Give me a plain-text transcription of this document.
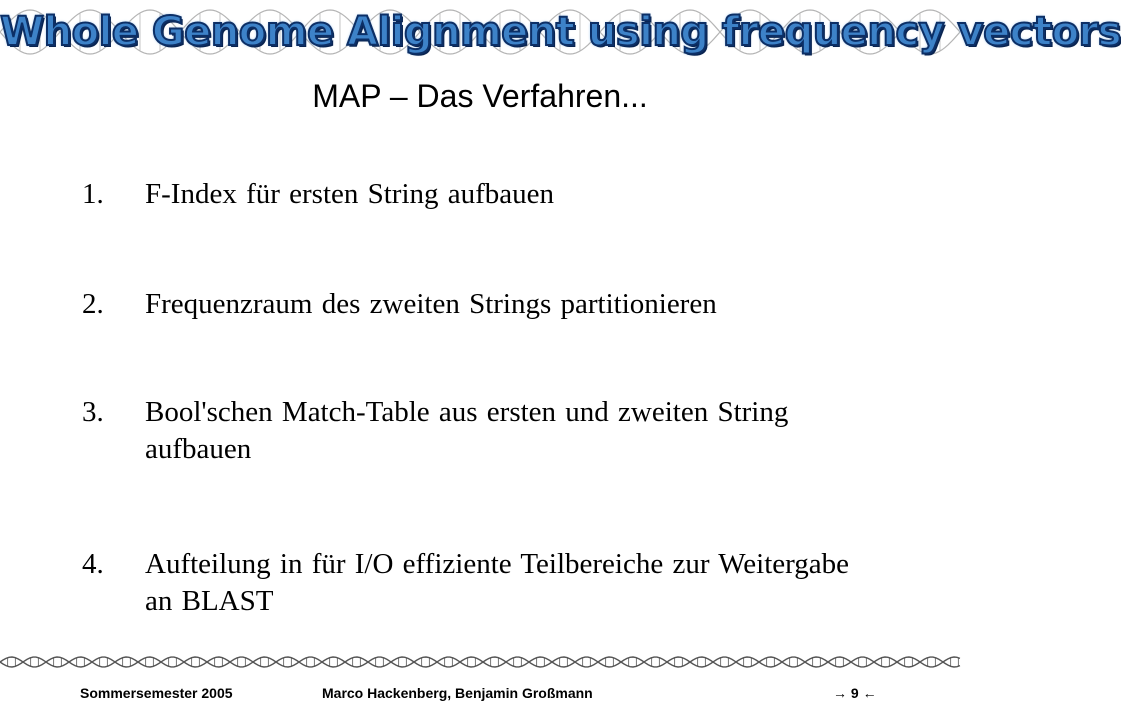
Whole Genome Alignment using frequency vectors
MAP – Das Verfahren...
1.	F-Index für ersten String aufbauen
2.	Frequenzraum des zweiten Strings partitionieren
3.	Bool'schen Match-Table aus ersten und zweiten String aufbauen
4.	Aufteilung in für I/O effiziente Teilbereiche zur Weitergabe an BLAST
Sommersemester 2005	Marco Hackenberg, Benjamin Großmann	→ 9 ←
